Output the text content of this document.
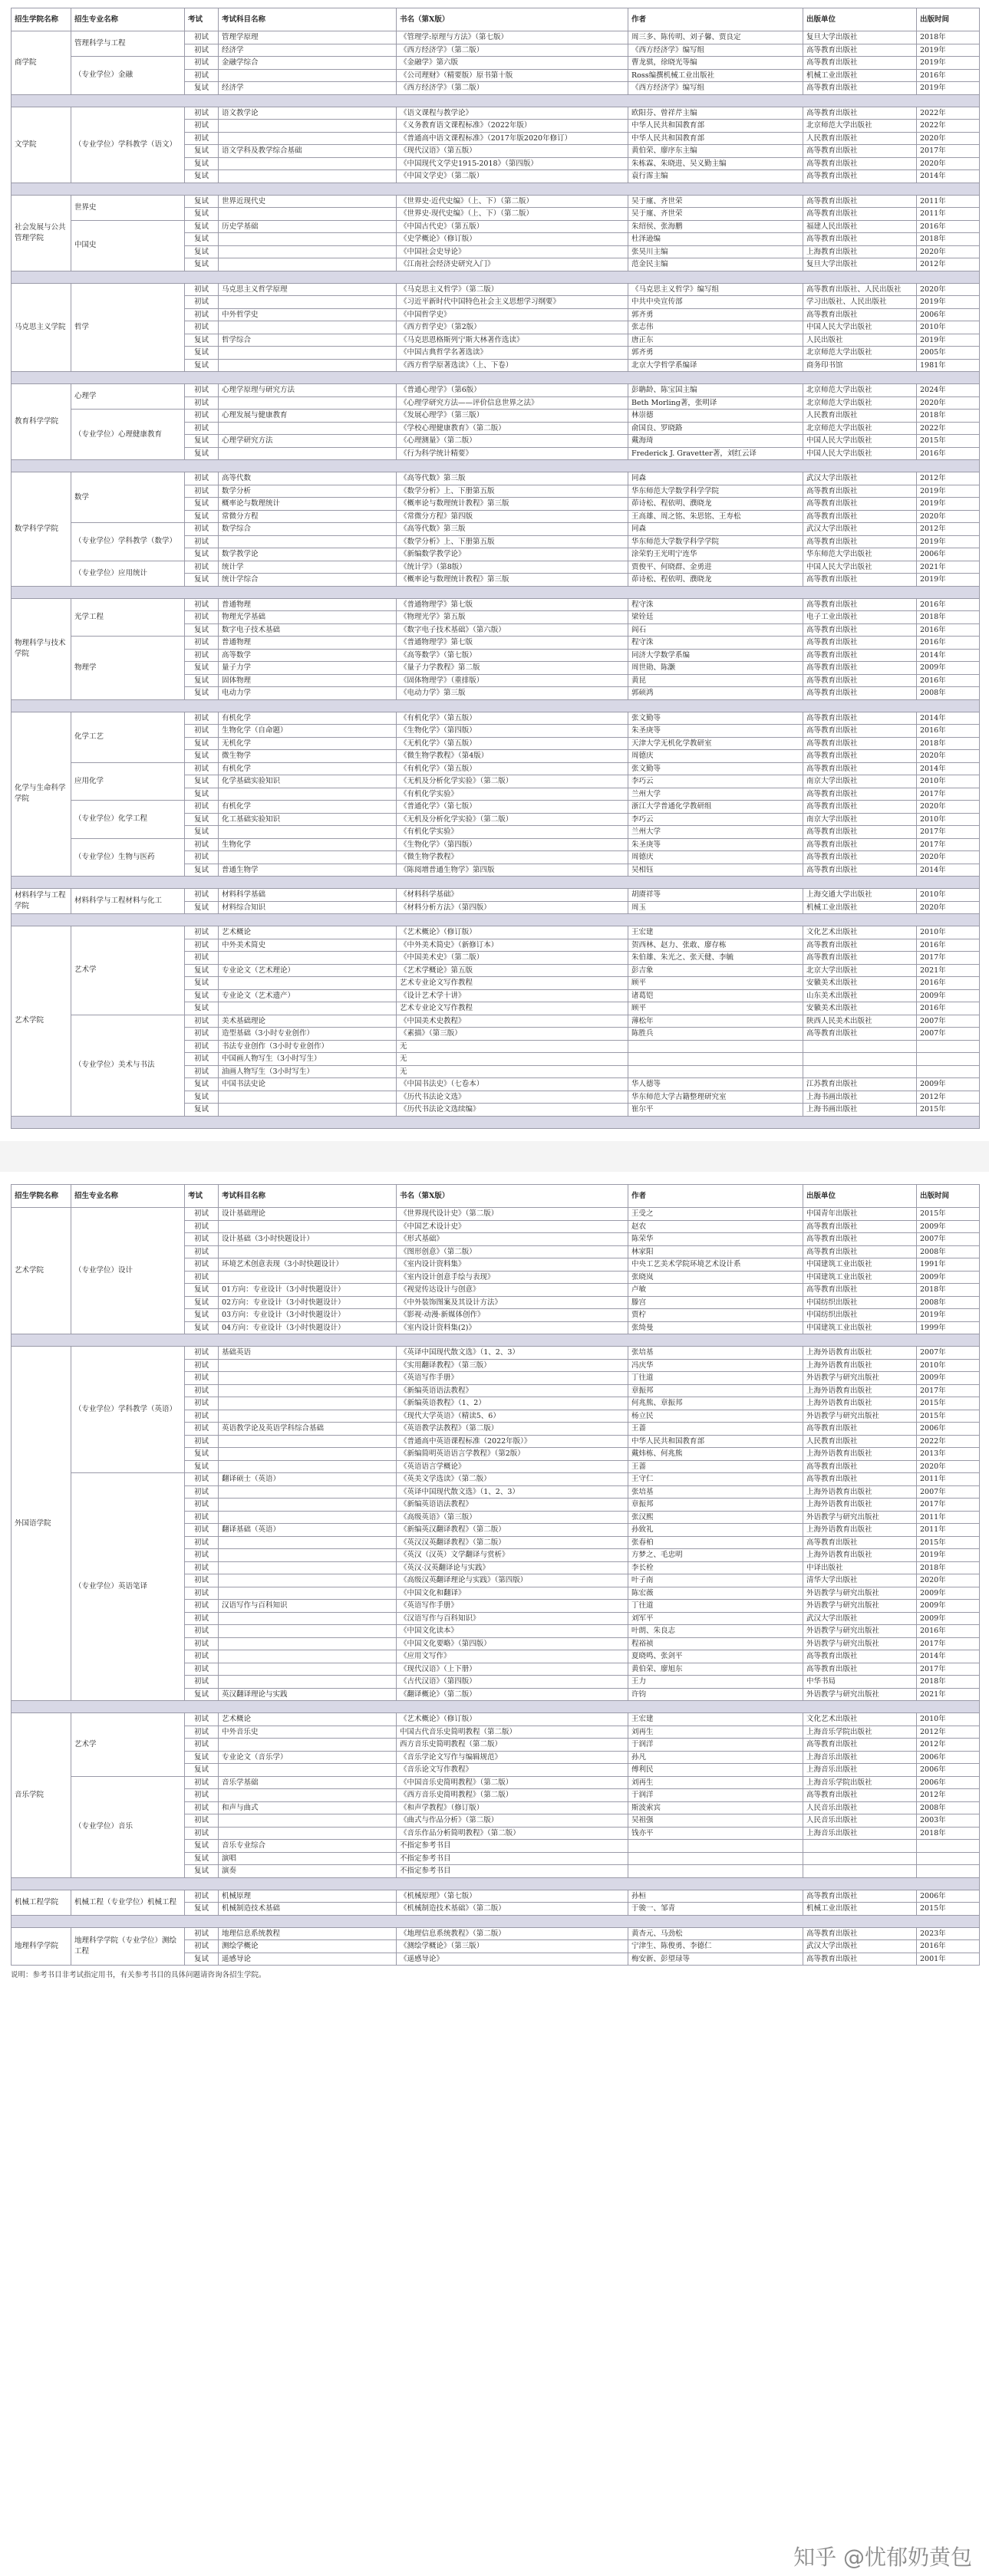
招生学院名称	招生专业名称	考试	考试科目名称	书名（第X版）	作者	出版单位	出版时间
商学院	管理科学与工程	初试	管理学原理	《管理学:原理与方法》（第七版）	周三多、陈传明、刘子馨、贾良定	复旦大学出版社	2018年
		初试	经济学	《西方经济学》（第二版）	《西方经济学》编写组	高等教育出版社	2019年
	（专业学位）金融	初试	金融学综合	《金融学》第六版	曹龙骐，徐晓光等编	高等教育出版社	2019年
		初试		《公司理财》（精要版）原书第十版	Ross编撰机械工业出版社	机械工业出版社	2016年
		复试	经济学	《西方经济学》（第二版）	《西方经济学》编写组	高等教育出版社	2019年

文学院	（专业学位）学科教学（语文）	初试	语文教学论	《语文课程与教学论》	欧阳芬、曾祥芹主编	高等教育出版社	2022年
		初试		《义务教育语文课程标准》（2022年版）	中华人民共和国教育部	北京师范大学出版社	2022年
		初试		《普通高中语文课程标准》（2017年版2020年修订）	中华人民共和国教育部	人民教育出版社	2020年
		复试	语文学科及教学综合基础	《现代汉语》（第五版）	黄伯荣、廖序东主编	高等教育出版社	2017年
		复试		《中国现代文学史1915-2018》（第四版）	朱栋霖、朱晓进、吴义勤主编	高等教育出版社	2020年
		复试		《中国文学史》（第二版）	袁行霈主编	高等教育出版社	2014年

社会发展与公共管理学院	世界史	复试	世界近现代史	《世界史·近代史编》（上、下）（第二版）	吴于廑、齐世荣	高等教育出版社	2011年
		复试		《世界史·现代史编》（上、下）（第二版）	吴于廑、齐世荣	高等教育出版社	2011年
	中国史	复试	历史学基础	《中国古代史》（第五版）	朱绍侯、张海鹏	福建人民出版社	2016年
		复试		《史学概论》（修订版）	杜泽逊编	高等教育出版社	2018年
		复试		《中国社会史导论》	张昊川主编	上海教育出版社	2020年
		复试		《江南社会经济史研究入门》	范金民主编	复旦大学出版社	2012年

马克思主义学院	哲学	初试	马克思主义哲学原理	《马克思主义哲学》（第二版）	《马克思主义哲学》编写组	高等教育出版社、人民出版社	2020年
		初试		《习近平新时代中国特色社会主义思想学习纲要》	中共中央宣传部	学习出版社、人民出版社	2019年
		初试	中外哲学史	《中国哲学史》	郭齐勇	高等教育出版社	2006年
		初试		《西方哲学史》（第2版）	张志伟	中国人民大学出版社	2010年
		复试	哲学综合	《马克思恩格斯列宁斯大林著作选读》	唐正东	人民出版社	2019年
		复试		《中国古典哲学名著选读》	郭齐勇	北京师范大学出版社	2005年
		复试		《西方哲学原著选读》（上、下卷）	北京大学哲学系编译	商务印书馆	1981年

教育科学学院	心理学	初试	心理学原理与研究方法	《普通心理学》（第6版）	彭聃龄、陈宝国主编	北京师范大学出版社	2024年
		初试		《心理学研究方法——评价信息世界之法》	Beth Morling著，张明译	北京师范大学出版社	2020年
	（专业学位）心理健康教育	初试	心理发展与健康教育	《发展心理学》（第三版）	林崇德	人民教育出版社	2018年
		初试		《学校心理健康教育》（第二版）	俞国良、罗晓路	北京师范大学出版社	2022年
		复试	心理学研究方法	《心理测量》（第二版）	戴海琦	中国人民大学出版社	2015年
		复试		《行为科学统计精要》	Frederick J. Gravetter著，刘红云译	中国人民大学出版社	2016年

数学科学学院	数学	初试	高等代数	《高等代数》第三版	同森	武汉大学出版社	2012年
		初试	数学分析	《数学分析》上、下册第五版	华东师范大学数学科学学院	高等教育出版社	2019年
		复试	概率论与数理统计	《概率论与数理统计教程》第三版	茆诗松、程依明、濮晓龙	高等教育出版社	2019年
		复试	常微分方程	《常微分方程》第四版	王高雄、周之铭、朱思铭、王寿松	高等教育出版社	2020年
	（专业学位）学科教学（数学）	初试	数学综合	《高等代数》第三版	同森	武汉大学出版社	2012年
		初试		《数学分析》上、下册第五版	华东师范大学数学科学学院	高等教育出版社	2019年
		复试	数学教学论	《新编数学教学论》	涂荣豹王光明宁连华	华东师范大学出版社	2006年
	（专业学位）应用统计	初试	统计学	《统计学》（第8版）	贾俊平、何晓群、金勇进	中国人民大学出版社	2021年
		复试	统计学综合	《概率论与数理统计教程》第三版	茆诗松、程依明、濮晓龙	高等教育出版社	2019年

物理科学与技术学院	光学工程	初试	普通物理	《普通物理学》第七版	程守洙	高等教育出版社	2016年
		初试	物理光学基础	《物理光学》第五版	梁铨廷	电子工业出版社	2018年
		复试	数字电子技术基础	《数字电子技术基础》（第六版）	阎石	高等教育出版社	2016年
	物理学	初试	普通物理	《普通物理学》第七版	程守洙	高等教育出版社	2016年
		初试	高等数学	《高等数学》（第七版）	同济大学数学系编	高等教育出版社	2014年
		复试	量子力学	《量子力学教程》第二版	周世勋、陈灏	高等教育出版社	2009年
		复试	固体物理	《固体物理学》（重排版）	黄昆	高等教育出版社	2016年
		复试	电动力学	《电动力学》第三版	郭硕鸿	高等教育出版社	2008年

化学与生命科学学院	化学工艺	初试	有机化学	《有机化学》（第五版）	张文勤等	高等教育出版社	2014年
		初试	生物化学（自命题）	《生物化学》（第四版）	朱圣庚等	高等教育出版社	2016年
		复试	无机化学	《无机化学》（第五版）	天津大学无机化学教研室	高等教育出版社	2018年
		复试	微生物学	《微生物学教程》（第4版）	周德庆	高等教育出版社	2020年
	应用化学	初试	有机化学	《有机化学》（第五版）	张文勤等	高等教育出版社	2014年
		复试	化学基础实验知识	《无机及分析化学实验》（第二版）	李巧云	南京大学出版社	2010年
		复试		《有机化学实验》	兰州大学	高等教育出版社	2017年
	（专业学位）化学工程	初试	有机化学	《普通化学》（第七版）	浙江大学普通化学教研组	高等教育出版社	2020年
		复试	化工基础实验知识	《无机及分析化学实验》（第二版）	李巧云	南京大学出版社	2010年
		复试		《有机化学实验》	兰州大学	高等教育出版社	2017年
	（专业学位）生物与医药	初试	生物化学	《生物化学》（第四版）	朱圣庚等	高等教育出版社	2017年
		初试		《微生物学教程》	周德庆	高等教育出版社	2020年
		复试	普通生物学	《陈阅增普通生物学》第四版	吴相钰	高等教育出版社	2014年

材料科学与工程学院	材料科学与工程材料与化工	初试	材料科学基础	《材料科学基础》	胡赓祥等	上海交通大学出版社	2010年
		复试	材料综合知识	《材料分析方法》（第四版）	周玉	机械工业出版社	2020年

艺术学院	艺术学	初试	艺术概论	《艺术概论》（修订版）	王宏建	文化艺术出版社	2010年
		初试	中外美术简史	《中外美术简史》（新修订本）	贺西林、赵力、张敢、廖存栋	高等教育出版社	2016年
		初试		《中国美术史》（第二版）	朱伯雄、朱光之、张天健、李毓	高等教育出版社	2017年
		复试	专业论文（艺术理论）	《艺术学概论》第五版	彭吉象	北京大学出版社	2021年
		复试		艺术专业论文写作教程	顾平	安徽美术出版社	2016年
		复试	专业论文（艺术遗产）	《设计艺术学十讲》	诸葛铠	山东美术出版社	2009年
		复试		艺术专业论文写作教程	顾平	安徽美术出版社	2016年
	（专业学位）美术与书法	初试	美术基础理论	《中国美术史教程》	薄松年	陕西人民美术出版社	2007年
		初试	造型基础（3小时专业创作）	《素描》（第三版）	陈胜兵	高等教育出版社	2007年
		初试	书法专业创作（3小时专业创作）	无			
		初试	中国画人物写生（3小时写生）	无			
		初试	油画人物写生（3小时写生）	无			
		复试	中国书法史论	《中国书法史》（七卷本）	华人德等	江苏教育出版社	2009年
		复试		《历代书法论文选》	华东师范大学古籍整理研究室	上海书画出版社	2012年
		复试		《历代书法论文选续编》	崔尔平	上海书画出版社	2015年

招生学院名称	招生专业名称	考试	考试科目名称	书名（第X版）	作者	出版单位	出版时间
艺术学院	（专业学位）设计	初试	设计基础理论	《世界现代设计史》（第二版）	王受之	中国青年出版社	2015年
		初试		《中国艺术设计史》	赵农	高等教育出版社	2009年
		初试	设计基础（3小时快题设计）	《形式基础》	陈荣华	高等教育出版社	2007年
		初试		《图形创意》（第二版）	林家阳	高等教育出版社	2008年
		初试	环境艺术创意表现（3小时快题设计）	《室内设计资料集》	中央工艺美术学院环境艺术设计系	中国建筑工业出版社	1991年
		初试		《室内设计创意手绘与表现》	张晓岚	中国建筑工业出版社	2009年
		复试	01方向：专业设计（3小时快题设计）	《视觉传达设计与创意》	卢敏	高等教育出版社	2018年
		复试	02方向：专业设计（3小时快题设计）	《中外装饰图案及其设计方法》	滕宫	中国纺织出版社	2008年
		复试	03方向：专业设计（3小时快题设计）	《影视·动漫·新媒体创作》	贾柠	中国纺织出版社	2019年
		复试	04方向：专业设计（3小时快题设计）	《室内设计资料集(2)》	张绮曼	中国建筑工业出版社	1999年

外国语学院	（专业学位）学科教学（英语）	初试	基础英语	《英译中国现代散文选》（1、2、3）	张培基	上海外语教育出版社	2007年
		初试		《实用翻译教程》（第三版）	冯庆华	上海外语教育出版社	2010年
		初试		《英语写作手册》	丁往道	外语教学与研究出版社	2009年
		初试		《新编英语语法教程》	章振邦	上海外语教育出版社	2017年
		初试		《新编英语教程》（1、2）	何兆熊、章振邦	上海外语教育出版社	2015年
		初试		《现代大学英语》（精读5、6）	杨立民	外语教学与研究出版社	2015年
		初试	英语教学论及英语学科综合基础	《英语教学法教程》（第二版）	王蔷	高等教育出版社	2006年
		初试		《普通高中英语课程标准（2022年版）》	中华人民共和国教育部	人民教育出版社	2022年
		复试		《新编简明英语语言学教程》（第2版）	戴炜栋、何兆熊	上海外语教育出版社	2013年
		复试		《英语语言学概论》	王蔷	高等教育出版社	2020年
	（专业学位）英语笔译	初试	翻译硕士（英语）	《英美文学选读》（第二版）	王守仁	高等教育出版社	2011年
		初试		《英译中国现代散文选》（1、2、3）	张培基	上海外语教育出版社	2007年
		初试		《新编英语语法教程》	章振邦	上海外语教育出版社	2017年
		初试		《高级英语》（第三版）	张汉熙	外语教学与研究出版社	2011年
		初试	翻译基础（英语）	《新编英汉翻译教程》（第二版）	孙致礼	上海外语教育出版社	2011年
		初试		《英汉汉英翻译教程》（第二版）	张春柏	高等教育出版社	2015年
		初试		《英汉（汉英）文学翻译与赏析》	方梦之、毛忠明	上海外语教育出版社	2019年
		初试		《英汉·汉英翻译论与实践》	李长栓	中译出版社	2018年
		初试		《高级汉英翻译理论与实践》（第四版）	叶子南	清华大学出版社	2020年
		初试		《中国文化和翻译》	陈宏薇	外语教学与研究出版社	2009年
		初试	汉语写作与百科知识	《英语写作手册》	丁往道	外语教学与研究出版社	2009年
		初试		《汉语写作与百科知识》	刘军平	武汉大学出版社	2009年
		初试		《中国文化读本》	叶朗、朱良志	外语教学与研究出版社	2016年
		初试		《中国文化要略》（第四版）	程裕祯	外语教学与研究出版社	2017年
		初试		《应用文写作》	夏晓鸣、张剑平	高等教育出版社	2014年
		初试		《现代汉语》（上下册）	黄伯荣、廖旭东	高等教育出版社	2017年
		初试		《古代汉语》（第四版）	王力	中华书局	2018年
		复试	英汉翻译理论与实践	《翻译概论》（第二版）	许钧	外语教学与研究出版社	2021年

音乐学院	艺术学	初试	艺术概论	《艺术概论》（修订版）	王宏建	文化艺术出版社	2010年
		初试	中外音乐史	中国古代音乐史简明教程（第二版）	刘再生	上海音乐学院出版社	2012年
		初试		西方音乐史简明教程（第二版）	于润洋	高等教育出版社	2012年
		复试	专业论文（音乐学）	《音乐学论文写作与编辑规范》	孙凡	上海音乐出版社	2006年
		复试		《音乐论文写作教程》	傅利民	上海音乐出版社	2006年
	（专业学位）音乐	初试	音乐学基础	《中国音乐史简明教程》（第二版）	刘再生	上海音乐学院出版社	2006年
		初试		《西方音乐史简明教程》（第二版）	于润洋	高等教育出版社	2012年
		初试	和声与曲式	《和声学教程》（修订版）	斯波索宾	人民音乐出版社	2008年
		初试		《曲式与作品分析》（第二版）	吴祖强	人民音乐出版社	2003年
		初试		《音乐作品分析简明教程》（第二版）	钱亦平	上海音乐出版社	2018年
		复试	音乐专业综合	不指定参考书目			
		复试	演唱	不指定参考书目			
		复试	演奏	不指定参考书目			

机械工程学院	机械工程（专业学位）机械工程	初试	机械原理	《机械原理》（第七版）	孙桓	高等教育出版社	2006年
		复试	机械制造技术基础	《机械制造技术基础》（第二版）	于骏一、邹青	机械工业出版社	2015年

地理科学学院	地理科学学院（专业学位）测绘工程	初试	地理信息系统教程	《地理信息系统教程》（第二版）	黄杏元、马劲松	高等教育出版社	2023年
		初试	测绘学概论	《测绘学概论》（第三版）	宁津生、陈俊勇、李德仁	武汉大学出版社	2016年
		复试	遥感导论	《遥感导论》	梅安新、彭望琭等	高等教育出版社	2001年
说明：参考书目非考试指定用书，有关参考书目的具体问题请咨询各招生学院。
知乎 @忧郁奶黄包
